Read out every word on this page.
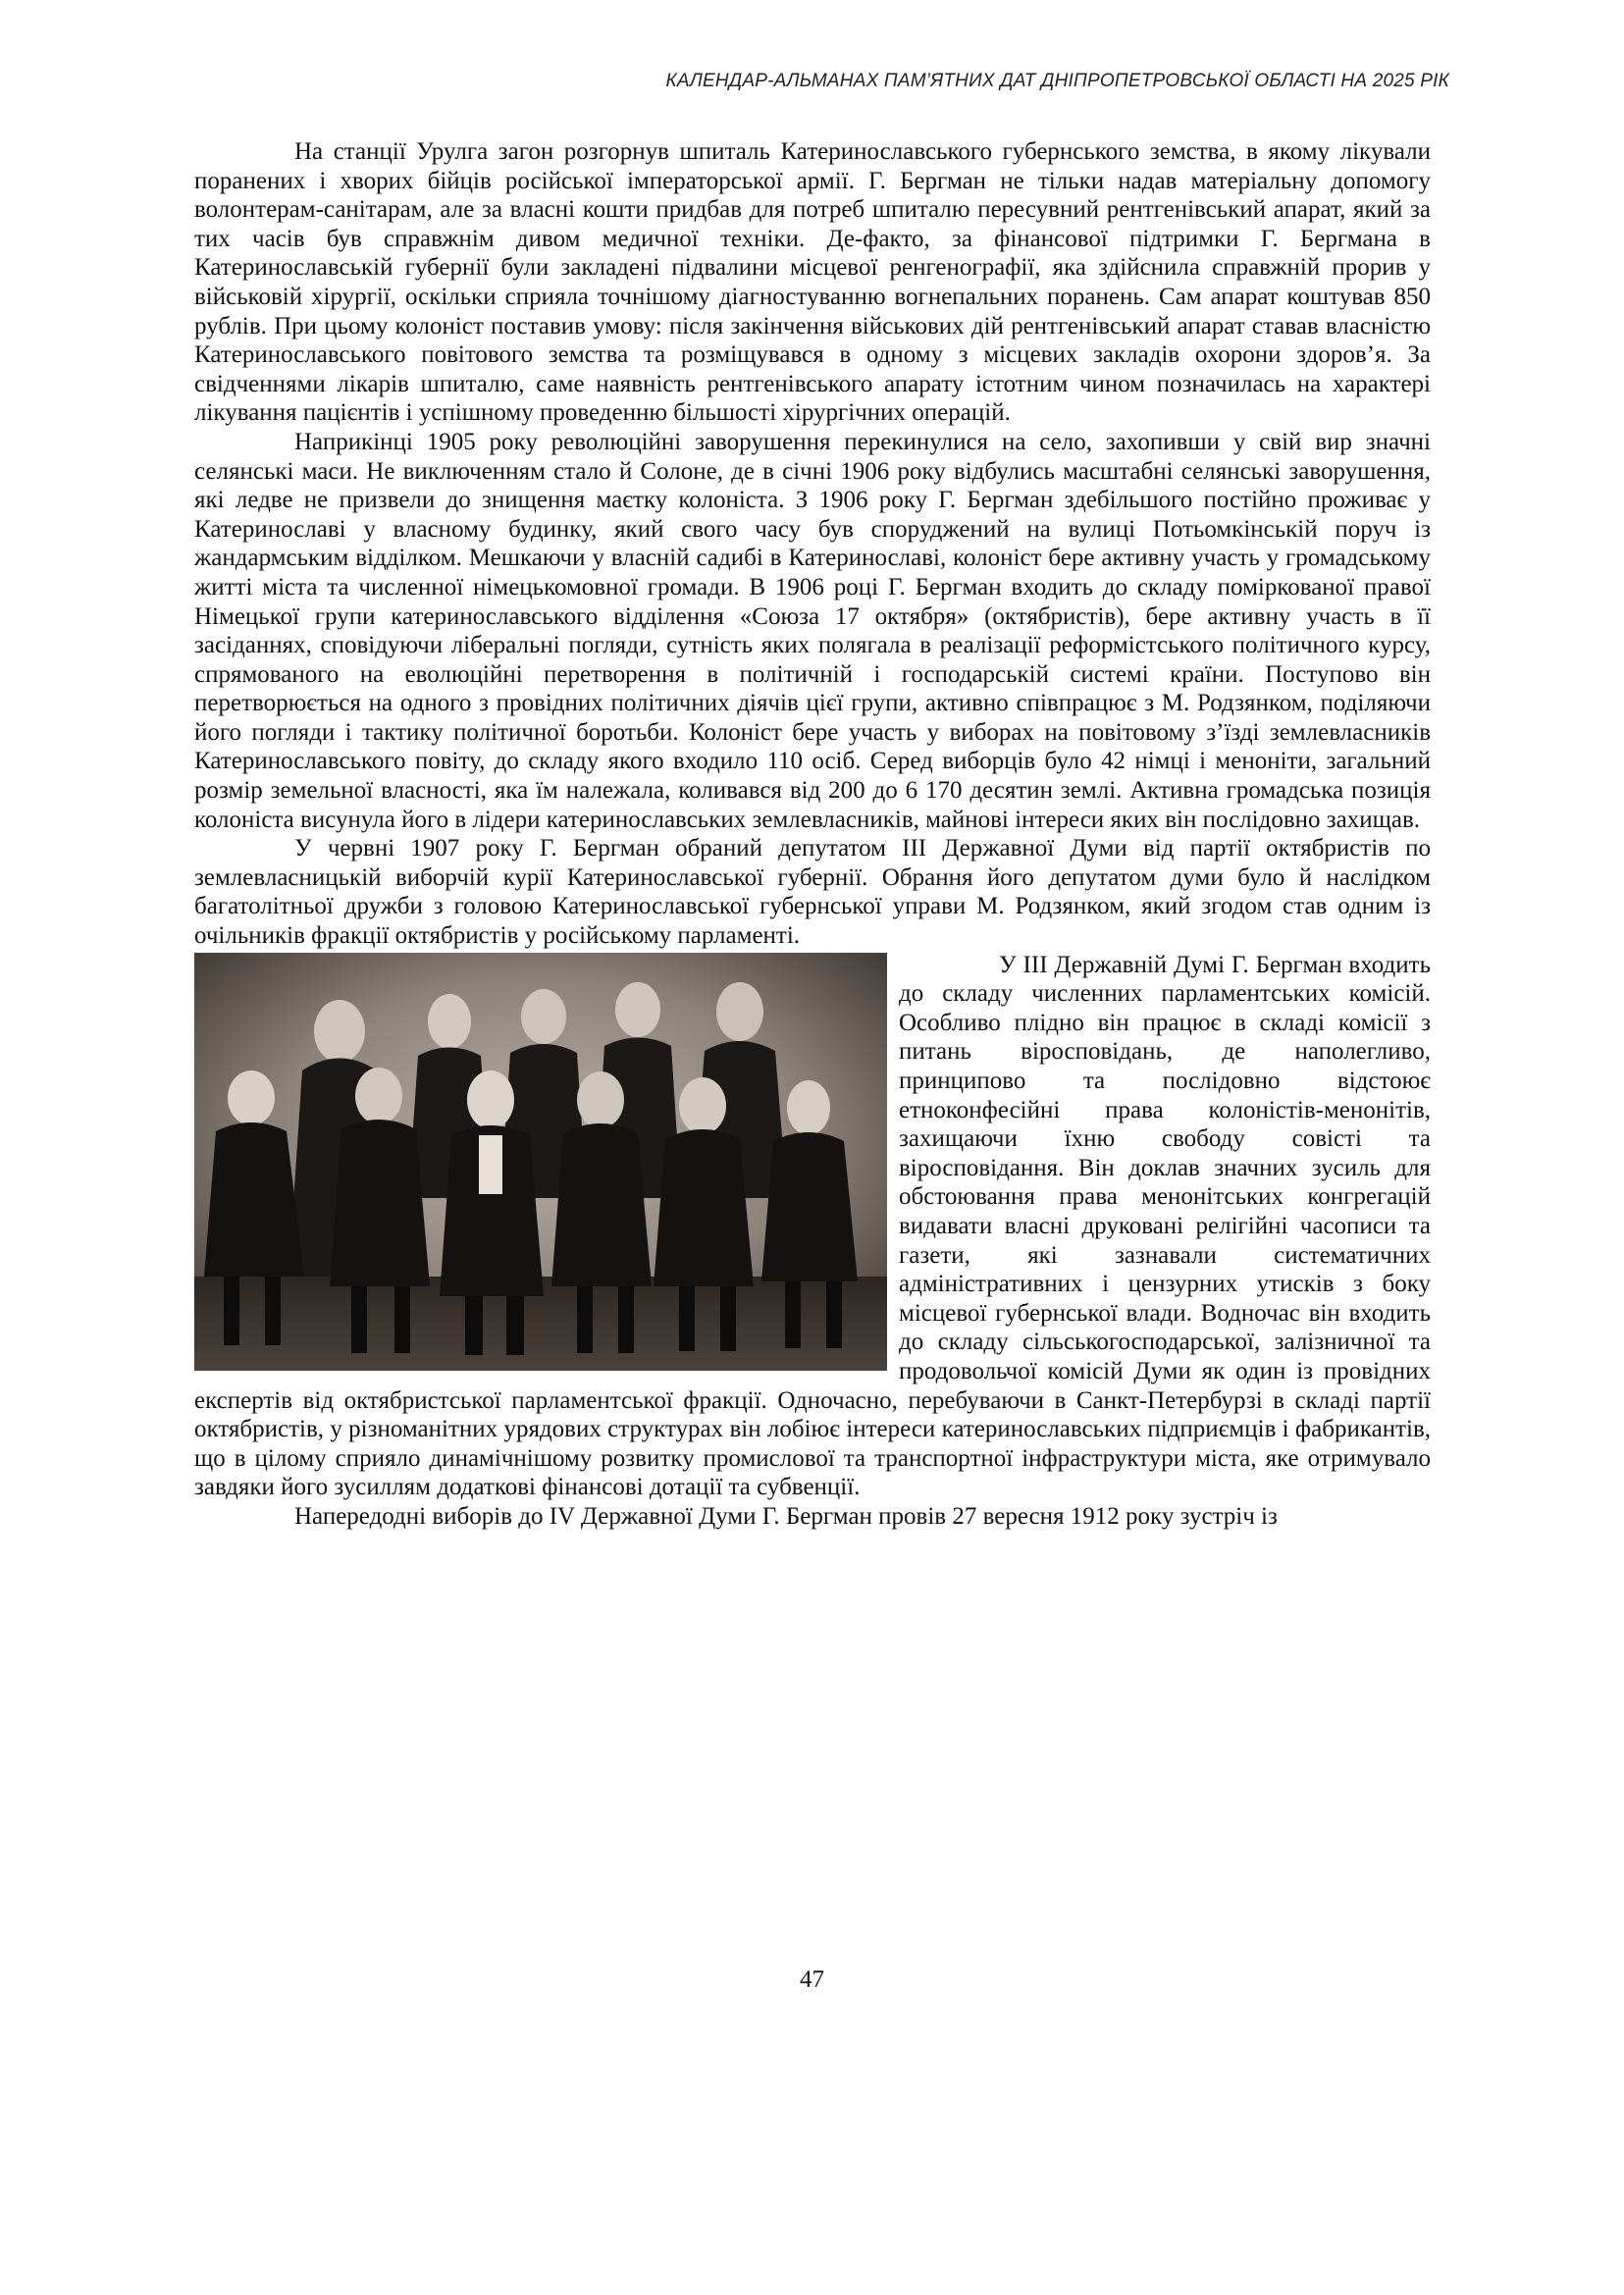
КАЛЕНДАР-АЛЬМАНАХ ПАМ’ЯТНИХ ДАТ ДНІПРОПЕТРОВСЬКОЇ ОБЛАСТІ НА 2025 РІК

На станції Урулга загон розгорнув шпиталь Катеринославського губернського земства, в якому лікували поранених і хворих бійців російської імператорської армії. Г. Бергман не тільки надав матеріальну допомогу волонтерам-санітарам, але за власні кошти придбав для потреб шпиталю пересувний рентгенівський апарат, який за тих часів був справжнім дивом медичної техніки. Де-факто, за фінансової підтримки Г. Бергмана в Катеринославській губернії були закладені підвалини місцевої ренгенографії, яка здійснила справжній прорив у військовій хірургії, оскільки сприяла точнішому діагностуванню вогнепальних поранень. Сам апарат коштував 850 рублів. При цьому колоніст поставив умову: після закінчення військових дій рентгенівський апарат ставав власністю Катеринославського повітового земства та розміщувався в одному з місцевих закладів охорони здоров’я. За свідченнями лікарів шпиталю, саме наявність рентгенівського апарату істотним чином позначилась на характері лікування пацієнтів і успішному проведенню більшості хірургічних операцій.

Наприкінці 1905 року революційні заворушення перекинулися на село, захопивши у свій вир значні селянські маси. Не виключенням стало й Солоне, де в січні 1906 року відбулись масштабні селянські заворушення, які ледве не призвели до знищення маєтку колоніста. З 1906 року Г. Бергман здебільшого постійно проживає у Катеринославі у власному будинку, який свого часу був споруджений на вулиці Потьомкінській поруч із жандармським відділком. Мешкаючи у власній садибі в Катеринославі, колоніст бере активну участь у громадському житті міста та численної німецькомовної громади. В 1906 році Г. Бергман входить до складу поміркованої правої Німецької групи катеринославського відділення «Союза 17 октября» (октябристів), бере активну участь в її засіданнях, сповідуючи ліберальні погляди, сутність яких полягала в реалізації реформістського політичного курсу, спрямованого на еволюційні перетворення в політичній і господарській системі країни. Поступово він перетворюється на одного з провідних політичних діячів цієї групи, активно співпрацює з М. Родзянком, поділяючи його погляди і тактику політичної боротьби. Колоніст бере участь у виборах на повітовому з’їзді землевласників Катеринославського повіту, до складу якого входило 110 осіб. Серед виборців було 42 німці і меноніти, загальний розмір земельної власності, яка їм належала, коливався від 200 до 6 170 десятин землі. Активна громадська позиція колоніста висунула його в лідери катеринославських землевласників, майнові інтереси яких він послідовно захищав.

У червні 1907 року Г. Бергман обраний депутатом ІІІ Державної Думи від партії октябристів по землевласницькій виборчій курії Катеринославської губернії. Обрання його депутатом думи було й наслідком багатолітньої дружби з головою Катеринославської губернської управи М. Родзянком, який згодом став одним із очільників фракції октябристів у російському парламенті.

У ІІІ Державній Думі Г. Бергман входить до складу численних парламентських комісій. Особливо плідно він працює в складі комісії з питань віросповідань, де наполегливо, принципово та послідовно відстоює етноконфесійні права колоністів-менонітів, захищаючи їхню свободу совісті та віросповідання. Він доклав значних зусиль для обстоювання права менонітських конгрегацій видавати власні друковані релігійні часописи та газети, які зазнавали систематичних адміністративних і цензурних утисків з боку місцевої губернської влади. Водночас він входить до складу сільськогосподарської, залізничної та продовольчої комісій Думи як один із провідних експертів від октябристської парламентської фракції. Одночасно, перебуваючи в Санкт-Петербурзі в складі партії октябристів, у різноманітних урядових структурах він лобіює інтереси катеринославських підприємців і фабрикантів, що в цілому сприяло динамічнішому розвитку промислової та транспортної інфраструктури міста, яке отримувало завдяки його зусиллям додаткові фінансові дотації та субвенції.

Напередодні виборів до IV Державної Думи Г. Бергман провів 27 вересня 1912 року зустріч із

47
